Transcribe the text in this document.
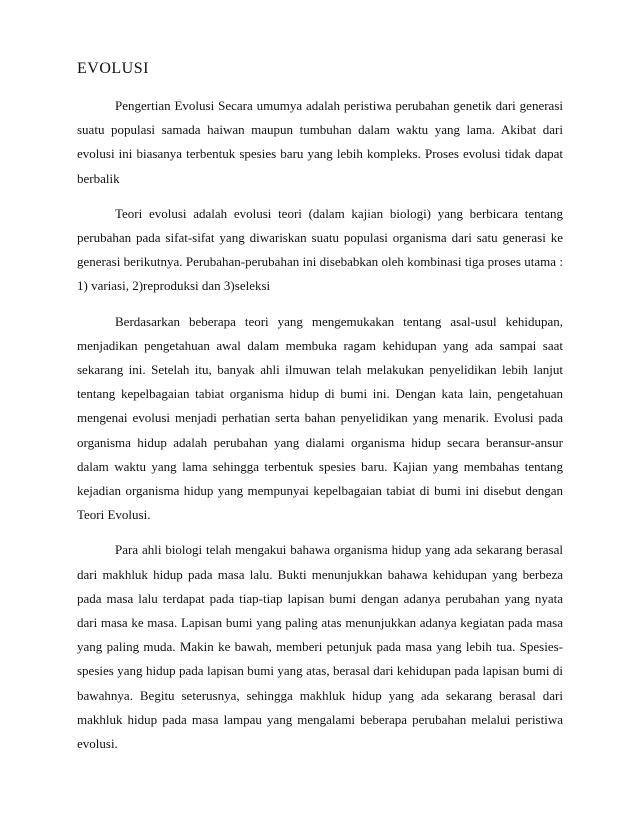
EVOLUSI

Pengertian Evolusi Secara umumya adalah peristiwa perubahan genetik dari generasi suatu populasi samada haiwan maupun tumbuhan dalam waktu yang lama. Akibat dari evolusi ini biasanya terbentuk spesies baru yang lebih kompleks. Proses evolusi tidak dapat berbalik

Teori evolusi adalah evolusi teori (dalam kajian biologi) yang berbicara tentang perubahan pada sifat-sifat yang diwariskan suatu populasi organisma dari satu generasi ke generasi berikutnya. Perubahan-perubahan ini disebabkan oleh kombinasi tiga proses utama : 1) variasi, 2)reproduksi dan 3)seleksi

Berdasarkan beberapa teori yang mengemukakan tentang asal-usul kehidupan, menjadikan pengetahuan awal dalam membuka ragam kehidupan yang ada sampai saat sekarang ini. Setelah itu, banyak ahli ilmuwan telah melakukan penyelidikan lebih lanjut tentang kepelbagaian tabiat organisma hidup di bumi ini. Dengan kata lain, pengetahuan mengenai evolusi menjadi perhatian serta bahan penyelidikan yang menarik. Evolusi pada organisma hidup adalah perubahan yang dialami organisma hidup secara beransur-ansur dalam waktu yang lama sehingga terbentuk spesies baru. Kajian yang membahas tentang kejadian organisma hidup yang mempunyai kepelbagaian tabiat di bumi ini disebut dengan Teori Evolusi.

Para ahli biologi telah mengakui bahawa organisma hidup yang ada sekarang berasal dari makhluk hidup pada masa lalu. Bukti menunjukkan bahawa kehidupan yang berbeza pada masa lalu terdapat pada tiap-tiap lapisan bumi dengan adanya perubahan yang nyata dari masa ke masa. Lapisan bumi yang paling atas menunjukkan adanya kegiatan pada masa yang paling muda. Makin ke bawah, memberi petunjuk pada masa yang lebih tua. Spesies-spesies yang hidup pada lapisan bumi yang atas, berasal dari kehidupan pada lapisan bumi di bawahnya. Begitu seterusnya, sehingga makhluk hidup yang ada sekarang berasal dari makhluk hidup pada masa lampau yang mengalami beberapa perubahan melalui peristiwa evolusi.
